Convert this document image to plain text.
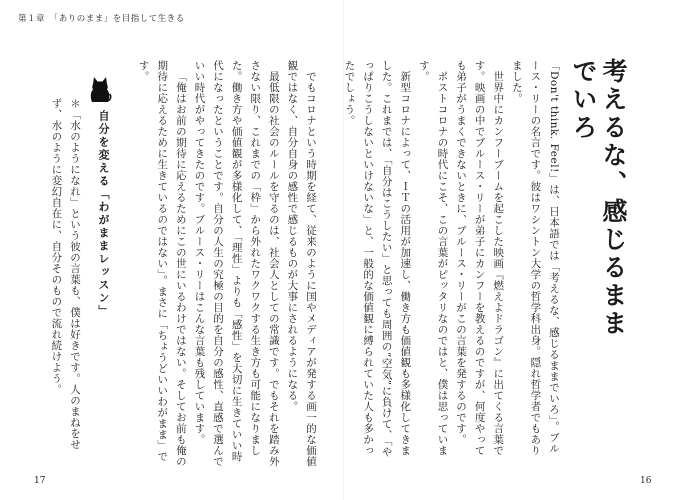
第１章　「ありのまま」を目指して生きる
考えるな、感じるままでいろ

「Don't think. Feel!」は、日本語では「考えるな、感じるままでいろ」。ブルース・リーの名言です。彼はワシントン大学の哲学科出身。隠れ哲学者でもありました。

世界中にカンフーブームを起こした映画『燃えよドラゴン』に出てくる言葉です。映画の中でブルース・リーが弟子にカンフーを教えるのですが、何度やっても弟子がうまくできないときに、ブルース・リーがこの言葉を発するのです。

ポストコロナの時代にこそ、この言葉がピッタリなのではと、僕は思っています。

新型コロナによって、ＩＴの活用が加速し、働き方も価値観も多様化してきました。これまでは、「自分はこうしたい」と思っても周囲の“空気”に負けて、「やっぱりこうしないといけないな」と、一般的な価値観に縛られていた人も多かったでしょう。

でもコロナという時期を経て、従来のように国やメディアが発する画一的な価値観ではなく、自分自身の感性で感じるものが大事にされるようになる。

最低限の社会のルールを守るのは、社会人としての常識です。でもそれを踏み外さない限り、これまでの「枠」から外れたワクワクする生き方も可能になりました。働き方や価値観が多様化して、「理性」よりも「感性」を大切に生きていい時代になったということです。自分の人生の究極の目的を自分の感性、直感で選んでいい時代がやってきたのです。ブルース・リーはこんな言葉も残しています。

「俺はお前の期待に応えるためにこの世にいるわけではない。そしてお前も俺の期待に応えるために生きているのではない」。まさに「ちょうどいいわがまま」です。

自分を変える「わがままレッスン」
＊「水のようになれ」という彼の言葉も、僕は好きです。人のまねをせず、水のように変幻自在に、自分そのもので流れ続けよう。
17	16
